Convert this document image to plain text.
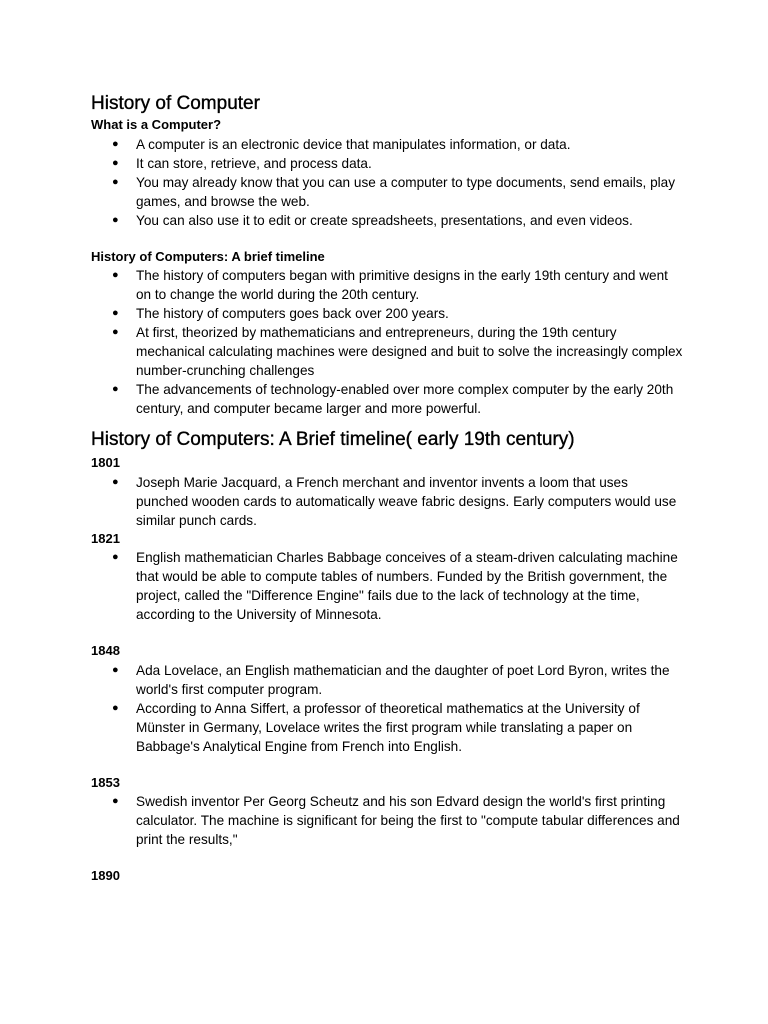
History of Computer
What is a Computer?
● A computer is an electronic device that manipulates information, or data.
● It can store, retrieve, and process data.
● You may already know that you can use a computer to type documents, send emails, play games, and browse the web.
● You can also use it to edit or create spreadsheets, presentations, and even videos.
History of Computers: A brief timeline
● The history of computers began with primitive designs in the early 19th century and went on to change the world during the 20th century.
● The history of computers goes back over 200 years.
● At first, theorized by mathematicians and entrepreneurs, during the 19th century mechanical calculating machines were designed and buit to solve the increasingly complex number-crunching challenges
● The advancements of technology-enabled over more complex computer by the early 20th century, and computer became larger and more powerful.
History of Computers: A Brief timeline( early 19th century)
1801
● Joseph Marie Jacquard, a French merchant and inventor invents a loom that uses punched wooden cards to automatically weave fabric designs. Early computers would use similar punch cards.
1821
● English mathematician Charles Babbage conceives of a steam-driven calculating machine that would be able to compute tables of numbers. Funded by the British government, the project, called the "Difference Engine" fails due to the lack of technology at the time, according to the University of Minnesota.
1848
● Ada Lovelace, an English mathematician and the daughter of poet Lord Byron, writes the world's first computer program.
● According to Anna Siffert, a professor of theoretical mathematics at the University of Münster in Germany, Lovelace writes the first program while translating a paper on Babbage's Analytical Engine from French into English.
1853
● Swedish inventor Per Georg Scheutz and his son Edvard design the world's first printing calculator. The machine is significant for being the first to "compute tabular differences and print the results,"
1890
